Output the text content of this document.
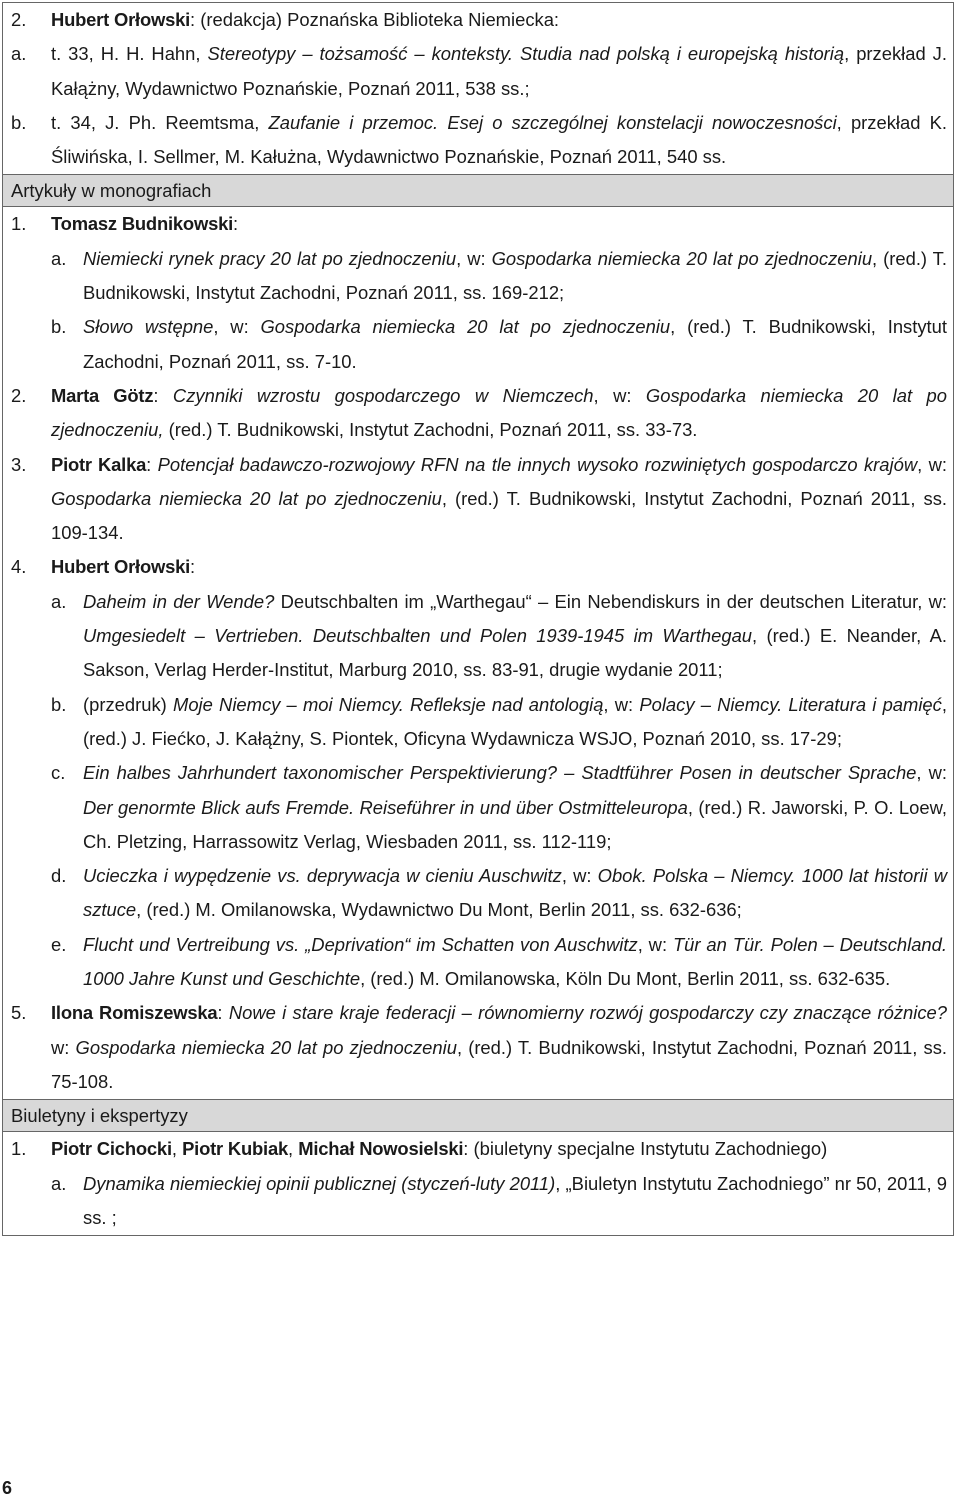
2. Hubert Orłowski: (redakcja) Poznańska Biblioteka Niemiecka:
a. t. 33, H. H. Hahn, Stereotypy – tożsamość – konteksty. Studia nad polską i europejską historią, przekład J. Kałążny, Wydawnictwo Poznańskie, Poznań 2011, 538 ss.;
b. t. 34, J. Ph. Reemtsma, Zaufanie i przemoc. Esej o szczególnej konstelacji nowoczesności, przekład K. Śliwińska, I. Sellmer, M. Kałużna, Wydawnictwo Poznańskie, Poznań 2011, 540 ss.
Artykuły w monografiach
1. Tomasz Budnikowski:
a. Niemiecki rynek pracy 20 lat po zjednoczeniu, w: Gospodarka niemiecka 20 lat po zjednoczeniu, (red.) T. Budnikowski, Instytut Zachodni, Poznań 2011, ss. 169-212;
b. Słowo wstępne, w: Gospodarka niemiecka 20 lat po zjednoczeniu, (red.) T. Budnikowski, Instytut Zachodni, Poznań 2011, ss. 7-10.
2. Marta Götz: Czynniki wzrostu gospodarczego w Niemczech, w: Gospodarka niemiecka 20 lat po zjednoczeniu, (red.) T. Budnikowski, Instytut Zachodni, Poznań 2011, ss. 33-73.
3. Piotr Kalka: Potencjał badawczo-rozwojowy RFN na tle innych wysoko rozwiniętych gospodarczo krajów, w: Gospodarka niemiecka 20 lat po zjednoczeniu, (red.) T. Budnikowski, Instytut Zachodni, Poznań 2011, ss. 109-134.
4. Hubert Orłowski:
a. Daheim in der Wende? Deutschbalten im „Warthegau“ – Ein Nebendiskurs in der deutschen Literatur, w: Umgesiedelt – Vertrieben. Deutschbalten und Polen 1939-1945 im Warthegau, (red.) E. Neander, A. Sakson, Verlag Herder-Institut, Marburg 2010, ss. 83-91, drugie wydanie 2011;
b. (przedruk) Moje Niemcy – moi Niemcy. Refleksje nad antologią, w: Polacy – Niemcy. Literatura i pamięć, (red.) J. Fiećko, J. Kałążny, S. Piontek, Oficyna Wydawnicza WSJO, Poznań 2010, ss. 17-29;
c. Ein halbes Jahrhundert taxonomischer Perspektivierung? – Stadtführer Posen in deutscher Sprache, w: Der genormte Blick aufs Fremde. Reiseführer in und über Ostmitteleuropa, (red.) R. Jaworski, P. O. Loew, Ch. Pletzing, Harrassowitz Verlag, Wiesbaden 2011, ss. 112-119;
d. Ucieczka i wypędzenie vs. deprywacja w cieniu Auschwitz, w: Obok. Polska – Niemcy. 1000 lat historii w sztuce, (red.) M. Omilanowska, Wydawnictwo Du Mont, Berlin 2011, ss. 632-636;
e. Flucht und Vertreibung vs. „Deprivation“ im Schatten von Auschwitz, w: Tür an Tür. Polen – Deutschland. 1000 Jahre Kunst und Geschichte, (red.) M. Omilanowska, Köln Du Mont, Berlin 2011, ss. 632-635.
5. Ilona Romiszewska: Nowe i stare kraje federacji – równomierny rozwój gospodarczy czy znaczące różnice? w: Gospodarka niemiecka 20 lat po zjednoczeniu, (red.) T. Budnikowski, Instytut Zachodni, Poznań 2011, ss. 75-108.
Biuletyny i ekspertyzy
1. Piotr Cichocki, Piotr Kubiak, Michał Nowosielski: (biuletyny specjalne Instytutu Zachodniego)
a. Dynamika niemieckiej opinii publicznej (styczeń-luty 2011), „Biuletyn Instytutu Zachodniego” nr 50, 2011, 9 ss. ;
6
